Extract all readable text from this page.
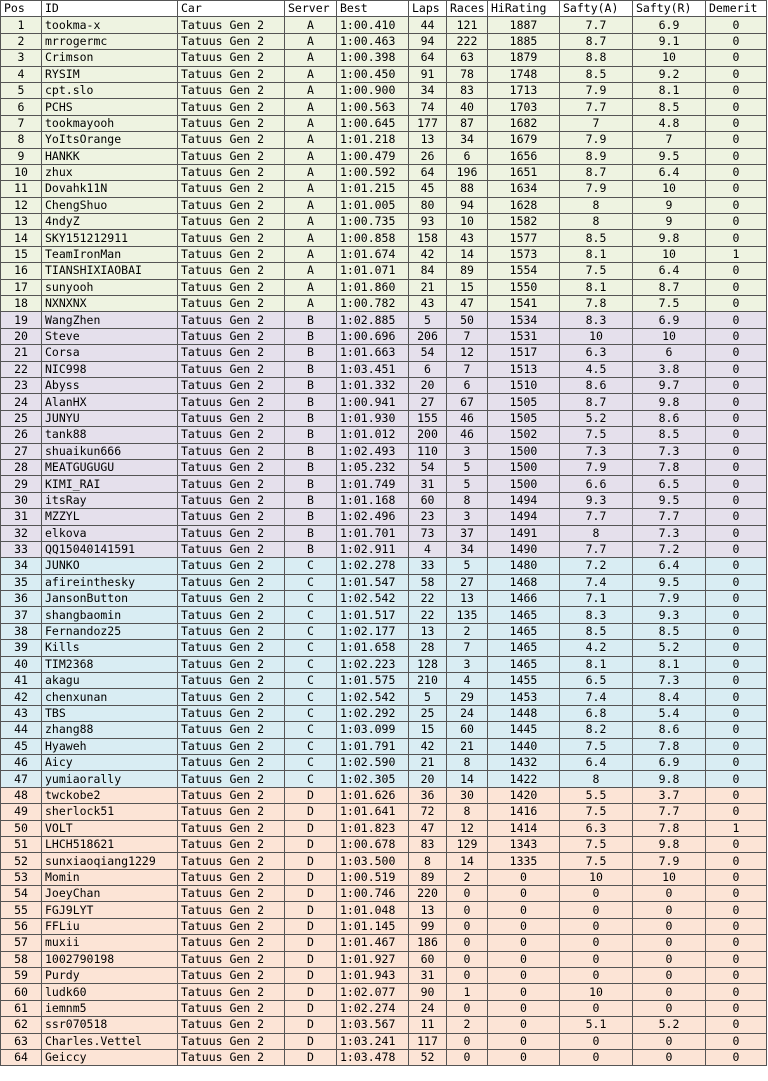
Pos	ID	Car	Server	Best	Laps	Races	HiRating	Safty(A)	Safty(R)	Demerit
1	tookma-x	Tatuus Gen 2	A	1:00.410	44	121	1887	7.7	6.9	0
2	mrrogermc	Tatuus Gen 2	A	1:00.463	94	222	1885	8.7	9.1	0
3	Crimson	Tatuus Gen 2	A	1:00.398	64	63	1879	8.8	10	0
4	RYSIM	Tatuus Gen 2	A	1:00.450	91	78	1748	8.5	9.2	0
5	cpt.slo	Tatuus Gen 2	A	1:00.900	34	83	1713	7.9	8.1	0
6	PCHS	Tatuus Gen 2	A	1:00.563	74	40	1703	7.7	8.5	0
7	tookmayooh	Tatuus Gen 2	A	1:00.645	177	87	1682	7	4.8	0
8	YoItsOrange	Tatuus Gen 2	A	1:01.218	13	34	1679	7.9	7	0
9	HANKK	Tatuus Gen 2	A	1:00.479	26	6	1656	8.9	9.5	0
10	zhux	Tatuus Gen 2	A	1:00.592	64	196	1651	8.7	6.4	0
11	Dovahk11N	Tatuus Gen 2	A	1:01.215	45	88	1634	7.9	10	0
12	ChengShuo	Tatuus Gen 2	A	1:01.005	80	94	1628	8	9	0
13	4ndyZ	Tatuus Gen 2	A	1:00.735	93	10	1582	8	9	0
14	SKY151212911	Tatuus Gen 2	A	1:00.858	158	43	1577	8.5	9.8	0
15	TeamIronMan	Tatuus Gen 2	A	1:01.674	42	14	1573	8.1	10	1
16	TIANSHIXIAOBAI	Tatuus Gen 2	A	1:01.071	84	89	1554	7.5	6.4	0
17	sunyooh	Tatuus Gen 2	A	1:01.860	21	15	1550	8.1	8.7	0
18	NXNXNX	Tatuus Gen 2	A	1:00.782	43	47	1541	7.8	7.5	0
19	WangZhen	Tatuus Gen 2	B	1:02.885	5	50	1534	8.3	6.9	0
20	Steve	Tatuus Gen 2	B	1:00.696	206	7	1531	10	10	0
21	Corsa	Tatuus Gen 2	B	1:01.663	54	12	1517	6.3	6	0
22	NIC998	Tatuus Gen 2	B	1:03.451	6	7	1513	4.5	3.8	0
23	Abyss	Tatuus Gen 2	B	1:01.332	20	6	1510	8.6	9.7	0
24	AlanHX	Tatuus Gen 2	B	1:00.941	27	67	1505	8.7	9.8	0
25	JUNYU	Tatuus Gen 2	B	1:01.930	155	46	1505	5.2	8.6	0
26	tank88	Tatuus Gen 2	B	1:01.012	200	46	1502	7.5	8.5	0
27	shuaikun666	Tatuus Gen 2	B	1:02.493	110	3	1500	7.3	7.3	0
28	MEATGUGUGU	Tatuus Gen 2	B	1:05.232	54	5	1500	7.9	7.8	0
29	KIMI_RAI	Tatuus Gen 2	B	1:01.749	31	5	1500	6.6	6.5	0
30	itsRay	Tatuus Gen 2	B	1:01.168	60	8	1494	9.3	9.5	0
31	MZZYL	Tatuus Gen 2	B	1:02.496	23	3	1494	7.7	7.7	0
32	elkova	Tatuus Gen 2	B	1:01.701	73	37	1491	8	7.3	0
33	QQ15040141591	Tatuus Gen 2	B	1:02.911	4	34	1490	7.7	7.2	0
34	JUNKO	Tatuus Gen 2	C	1:02.278	33	5	1480	7.2	6.4	0
35	afireinthesky	Tatuus Gen 2	C	1:01.547	58	27	1468	7.4	9.5	0
36	JansonButton	Tatuus Gen 2	C	1:02.542	22	13	1466	7.1	7.9	0
37	shangbaomin	Tatuus Gen 2	C	1:01.517	22	135	1465	8.3	9.3	0
38	Fernandoz25	Tatuus Gen 2	C	1:02.177	13	2	1465	8.5	8.5	0
39	Kills	Tatuus Gen 2	C	1:01.658	28	7	1465	4.2	5.2	0
40	TIM2368	Tatuus Gen 2	C	1:02.223	128	3	1465	8.1	8.1	0
41	akagu	Tatuus Gen 2	C	1:01.575	210	4	1455	6.5	7.3	0
42	chenxunan	Tatuus Gen 2	C	1:02.542	5	29	1453	7.4	8.4	0
43	TBS	Tatuus Gen 2	C	1:02.292	25	24	1448	6.8	5.4	0
44	zhang88	Tatuus Gen 2	C	1:03.099	15	60	1445	8.2	8.6	0
45	Hyaweh	Tatuus Gen 2	C	1:01.791	42	21	1440	7.5	7.8	0
46	Aicy	Tatuus Gen 2	C	1:02.590	21	8	1432	6.4	6.9	0
47	yumiaorally	Tatuus Gen 2	C	1:02.305	20	14	1422	8	9.8	0
48	twckobe2	Tatuus Gen 2	D	1:01.626	36	30	1420	5.5	3.7	0
49	sherlock51	Tatuus Gen 2	D	1:01.641	72	8	1416	7.5	7.7	0
50	VOLT	Tatuus Gen 2	D	1:01.823	47	12	1414	6.3	7.8	1
51	LHCH518621	Tatuus Gen 2	D	1:00.678	83	129	1343	7.5	9.8	0
52	sunxiaoqiang1229	Tatuus Gen 2	D	1:03.500	8	14	1335	7.5	7.9	0
53	Momin	Tatuus Gen 2	D	1:00.519	89	2	0	10	10	0
54	JoeyChan	Tatuus Gen 2	D	1:00.746	220	0	0	0	0	0
55	FGJ9LYT	Tatuus Gen 2	D	1:01.048	13	0	0	0	0	0
56	FFLiu	Tatuus Gen 2	D	1:01.145	99	0	0	0	0	0
57	muxii	Tatuus Gen 2	D	1:01.467	186	0	0	0	0	0
58	1002790198	Tatuus Gen 2	D	1:01.927	60	0	0	0	0	0
59	Purdy	Tatuus Gen 2	D	1:01.943	31	0	0	0	0	0
60	ludk60	Tatuus Gen 2	D	1:02.077	90	1	0	10	0	0
61	iemnm5	Tatuus Gen 2	D	1:02.274	24	0	0	0	0	0
62	ssr070518	Tatuus Gen 2	D	1:03.567	11	2	0	5.1	5.2	0
63	Charles.Vettel	Tatuus Gen 2	D	1:03.241	117	0	0	0	0	0
64	Geiccy	Tatuus Gen 2	D	1:03.478	52	0	0	0	0	0
